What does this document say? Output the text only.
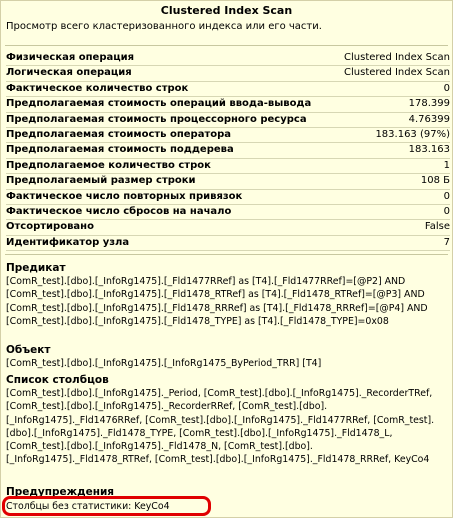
Clustered Index Scan
Просмотр всего кластеризованного индекса или его части.
Физическая операция	Clustered Index Scan
Логическая операция	Clustered Index Scan
Фактическое количество строк	0
Предполагаемая стоимость операций ввода-вывода	178.399
Предполагаемая стоимость процессорного ресурса	4.76399
Предполагаемая стоимость оператора	183.163 (97%)
Предполагаемая стоимость поддерева	183.163
Предполагаемое количество строк	1
Предполагаемый размер строки	108 Б
Фактическое число повторных привязок	0
Фактическое число сбросов на начало	0
Отсортировано	False
Идентификатор узла	7
Предикат

[ComR_test].[dbo].[_InfoRg1475].[_Fld1477RRef] as [T4].[_Fld1477RRef]=[@P2] AND [ComR_test].[dbo].[_InfoRg1475].[_Fld1478_RTRef] as [T4].[_Fld1478_RTRef]=[@P3] AND [ComR_test].[dbo].[_InfoRg1475].[_Fld1478_RRRef] as [T4].[_Fld1478_RRRef]=[@P4] AND [ComR_test].[dbo].[_InfoRg1475].[_Fld1478_TYPE] as [T4].[_Fld1478_TYPE]=0x08

Объект

[ComR_test].[dbo].[_InfoRg1475].[_InfoRg1475_ByPeriod_TRR] [T4]

Список столбцов

[ComR_test].[dbo].[_InfoRg1475]._Period, [ComR_test].[dbo].[_InfoRg1475]._RecorderTRef, [ComR_test].[dbo].[_InfoRg1475]._RecorderRRef, [ComR_test].[dbo].[_InfoRg1475]._Fld1476RRef, [ComR_test].[dbo].[_InfoRg1475]._Fld1477RRef, [ComR_test].[dbo].[_InfoRg1475]._Fld1478_TYPE, [ComR_test].[dbo].[_InfoRg1475]._Fld1478_L, [ComR_test].[dbo].[_InfoRg1475]._Fld1478_N, [ComR_test].[dbo].[_InfoRg1475]._Fld1478_RTRef, [ComR_test].[dbo].[_InfoRg1475]._Fld1478_RRRef, KeyCo4

Предупреждения

Столбцы без статистики: KeyCo4
